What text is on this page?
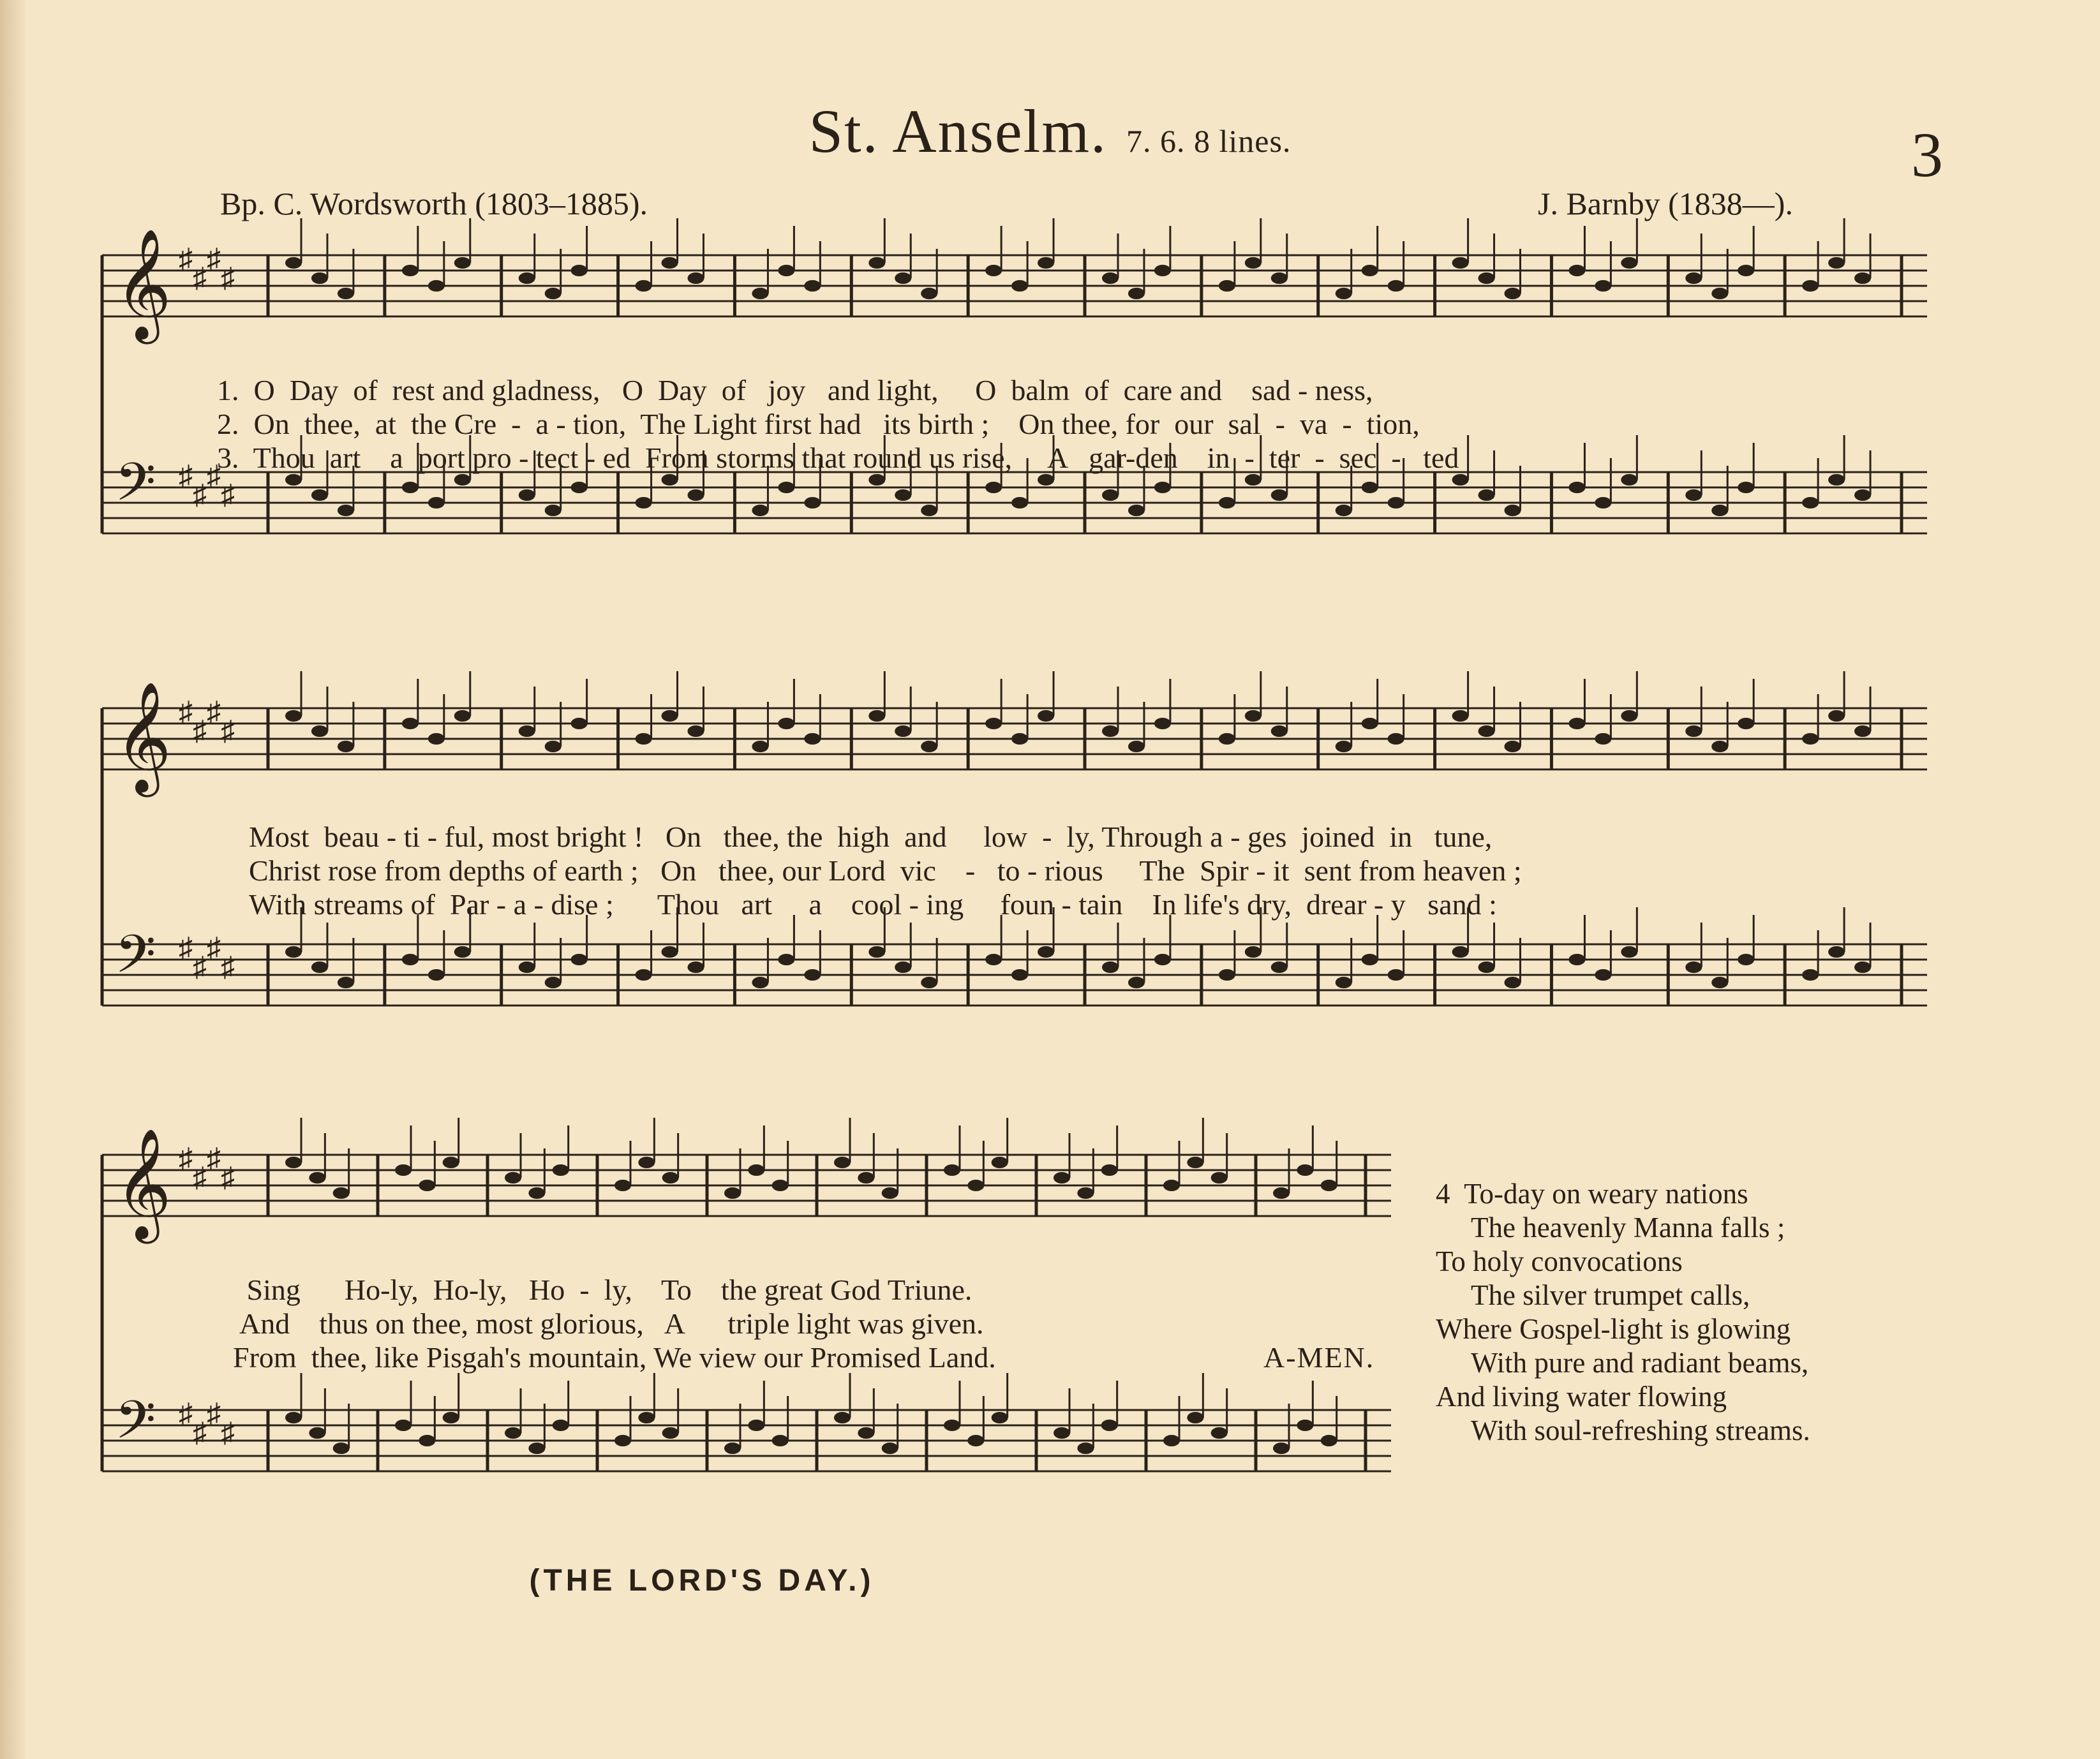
St. Anselm. 7. 6. 8 lines.	3
Bp. C. Wordsworth (1803–1885).	J. Barnby (1838—).
𝄞 ♯
♯
♯
♯
𝄢 ♯
♯
♯
♯
1.  O  Day  of  rest and gladness,   O  Day  of   joy   and light,     O  balm  of  care and    sad - ness,
2.  On  thee,  at  the Cre  -  a - tion,  The Light first had   its birth ;    On thee, for  our  sal  -  va  -  tion,
3.  Thou  art    a  port pro - tect - ed  From storms that round us rise,     A   gar-den    in  -  ter  -  sec  -   ted
𝄞 ♯
♯
♯
♯
𝄢 ♯
♯
♯
♯
Most  beau - ti - ful, most bright !   On   thee, the  high  and     low  -  ly, Through a - ges  joined  in   tune,
Christ rose from depths of earth ;   On   thee, our Lord  vic    -   to - rious     The  Spir - it  sent from heaven ;
With streams of  Par - a - dise ;      Thou   art     a    cool - ing     foun - tain    In life's dry,  drear - y   sand :
𝄞 ♯
♯
♯
♯
𝄢 ♯
♯
♯
♯
Sing      Ho-ly,  Ho-ly,   Ho  -  ly,    To    the great God Triune.
And    thus on thee, most glorious,   A      triple light was given.
From  thee, like Pisgah's mountain, We view our Promised Land.	A-MEN.
4  To-day on weary nations
The heavenly Manna falls ;
To holy convocations
The silver trumpet calls,
Where Gospel-light is glowing
With pure and radiant beams,
And living water flowing
With soul-refreshing streams.
(THE LORD'S DAY.)
